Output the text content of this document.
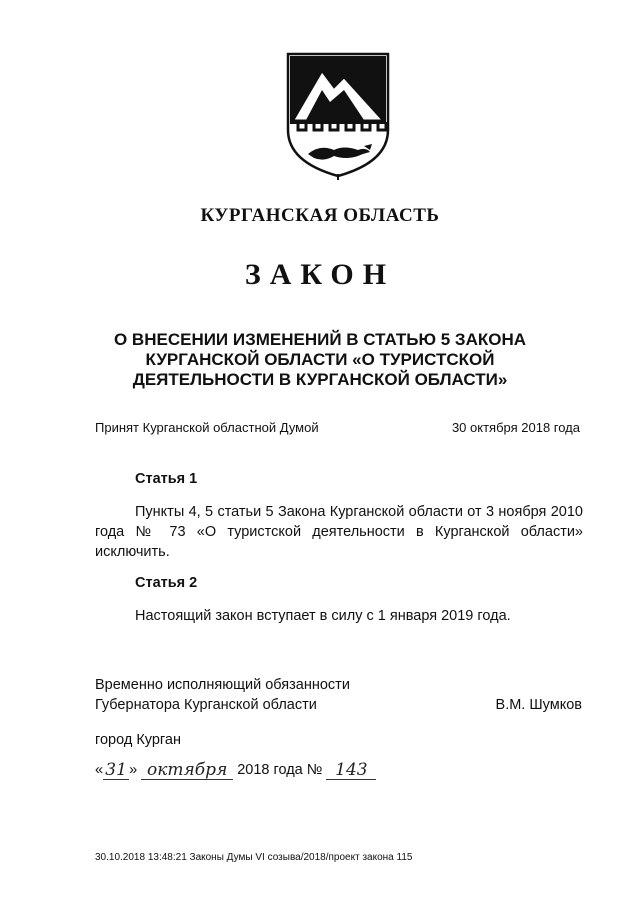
КУРГАНСКАЯ ОБЛАСТЬ
ЗАКОН
О ВНЕСЕНИИ ИЗМЕНЕНИЙ В СТАТЬЮ 5 ЗАКОНА
КУРГАНСКОЙ ОБЛАСТИ «О ТУРИСТСКОЙ
ДЕЯТЕЛЬНОСТИ В КУРГАНСКОЙ ОБЛАСТИ»
Принят Курганской областной Думой	30 октября 2018 года
Статья 1
Пункты 4, 5 статьи 5 Закона Курганской области от 3 ноября 2010 года № 73 «О туристской деятельности в Курганской области» исключить.
Статья 2
Настоящий закон вступает в силу с 1 января 2019 года.
Временно исполняющий обязанности
Губернатора Курганской области	В.М. Шумков
город Курган
« 31 » октября 2018 года № 143
30.10.2018 13:48:21 Законы Думы VI созыва/2018/проект закона 115
